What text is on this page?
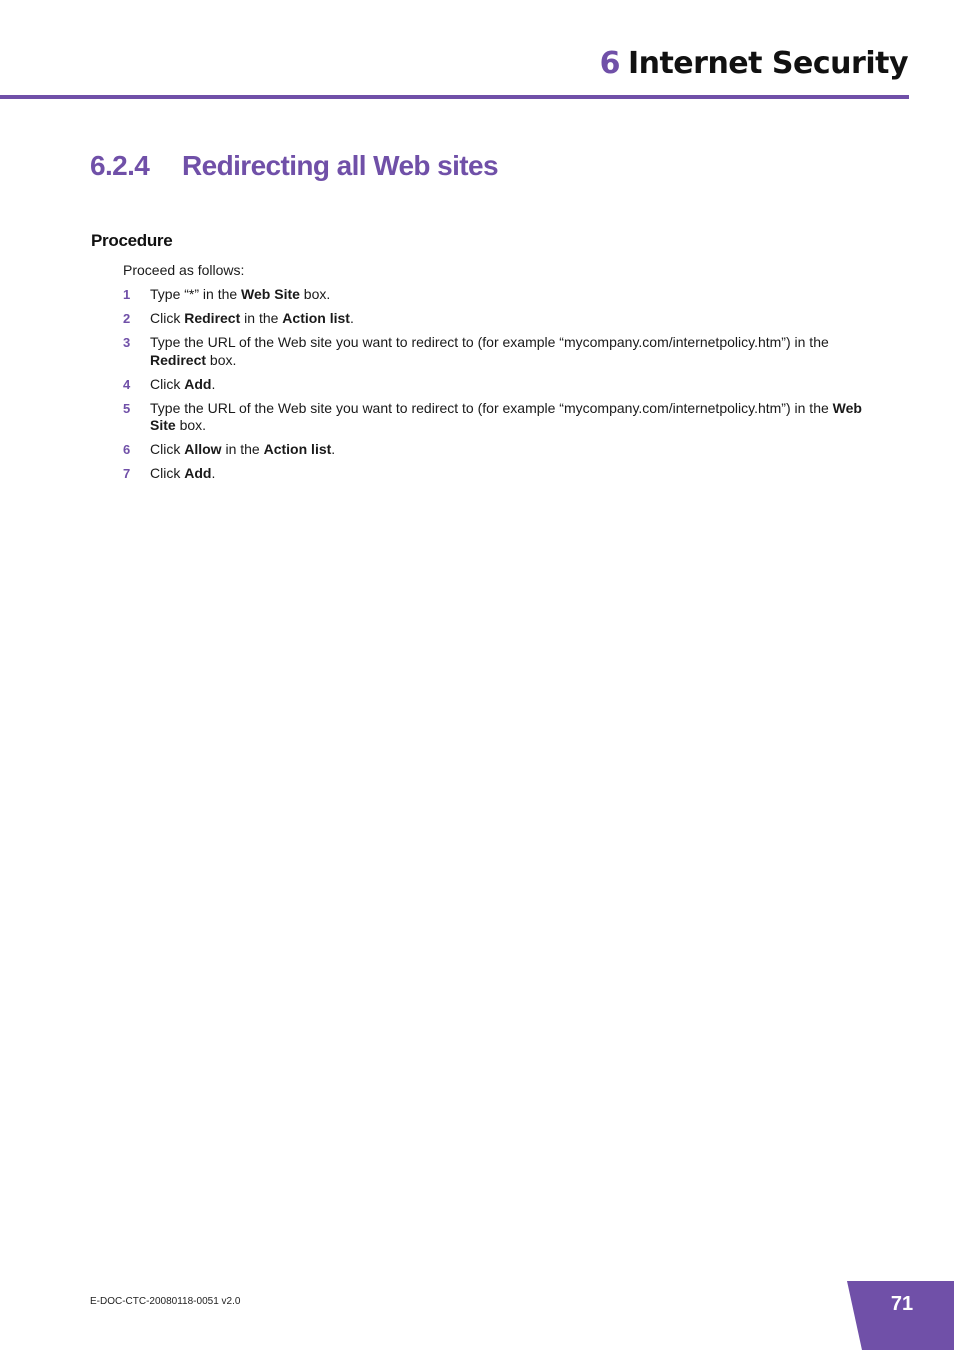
6 Internet Security
6.2.4 Redirecting all Web sites
Procedure
Proceed as follows:
1	Type “*” in the Web Site box.
2	Click Redirect in the Action list.
3	Type the URL of the Web site you want to redirect to (for example “mycompany.com/internetpolicy.htm”) in the Redirect box.
4	Click Add.
5	Type the URL of the Web site you want to redirect to (for example “mycompany.com/internetpolicy.htm”) in the Web Site box.
6	Click Allow in the Action list.
7	Click Add.
E-DOC-CTC-20080118-0051 v2.0	71
